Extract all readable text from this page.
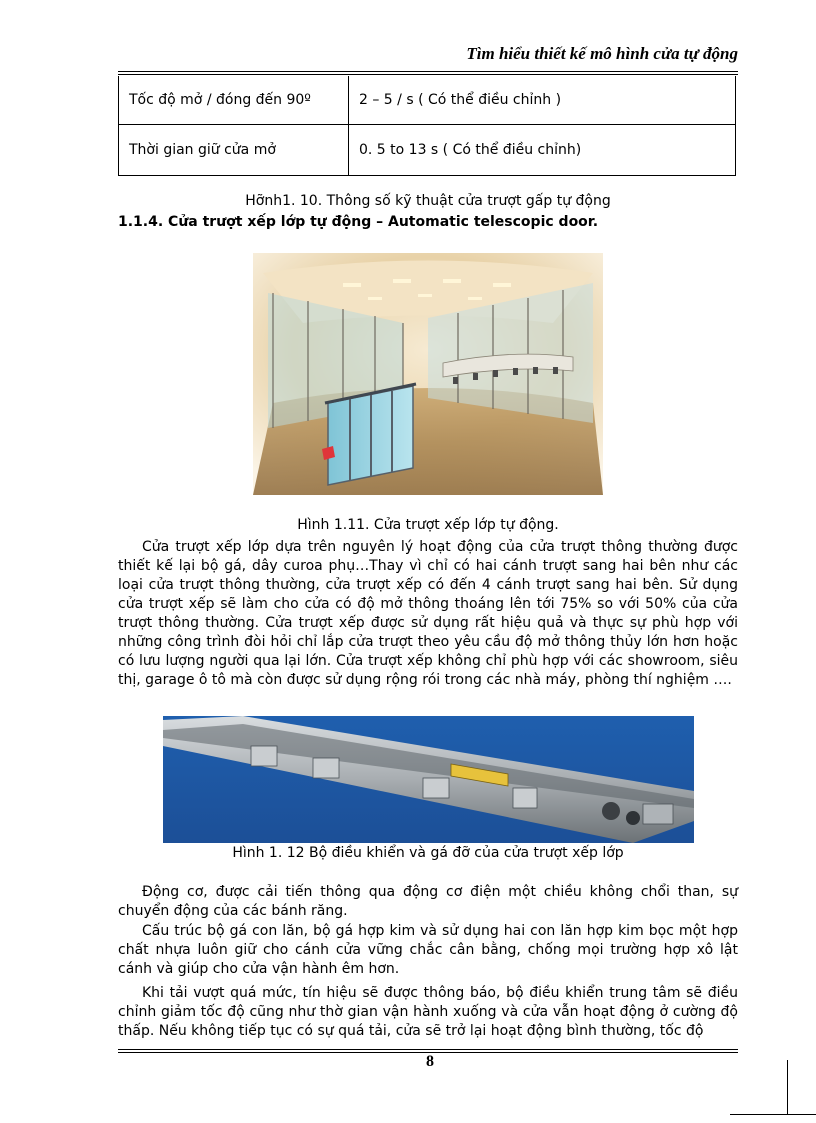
Tìm hiểu thiết kế mô hình cửa tự động
Tốc độ mở / đóng đến 90º	2 – 5 / s ( Có thể điều chỉnh )
Thời gian giữ cửa mở	0. 5 to 13 s ( Có thể điều chỉnh)
Hỡnh1. 10. Thông số kỹ thuật cửa trượt gấp tự động
1.1.4. Cửa trượt xếp lớp tự động – Automatic telescopic door.
Hình 1.11. Cửa trượt xếp lớp tự động.
Cửa trượt xếp lớp dựa trên nguyên lý hoạt động của cửa trượt thông thường được thiết kế lại bộ gá, dây curoa phụ…Thay vì chỉ có hai cánh trượt sang hai bên như các loại cửa trượt thông thường, cửa trượt xếp có đến 4 cánh trượt sang hai bên. Sử dụng cửa trượt xếp sẽ làm cho cửa có độ mở thông thoáng lên tới 75% so với 50% của cửa trượt thông thường. Cửa trượt xếp được sử dụng rất hiệu quả và thực sự phù hợp với những công trình đòi hỏi chỉ lắp cửa trượt theo yêu cầu độ mở thông thủy lớn hơn hoặc có lưu lượng người qua lại lớn. Cửa trượt xếp không chỉ phù hợp với các showroom, siêu thị, garage ô tô mà còn được sử dụng rộng rói trong các nhà máy, phòng thí nghiệm ….
Hình 1. 12 Bộ điều khiển và gá đỡ của cửa trượt xếp lớp
Động cơ, được cải tiến thông qua động cơ điện một chiều không chổi than, sự chuyển động của các bánh răng.
Cấu trúc bộ gá con lăn, bộ gá hợp kim và sử dụng hai con lăn hợp kim bọc một hợp chất nhựa luôn giữ cho cánh cửa vững chắc cân bằng, chống mọi trường hợp xô lật cánh và giúp cho cửa vận hành êm hơn.
Khi tải vượt quá mức, tín hiệu sẽ được thông báo, bộ điều khiển trung tâm sẽ điều chỉnh giảm tốc độ cũng như thờ gian vận hành xuống và cửa vẫn hoạt động ở cường độ thấp. Nếu không tiếp tục có sự quá tải, cửa sẽ trở lại hoạt động bình thường, tốc độ
8
